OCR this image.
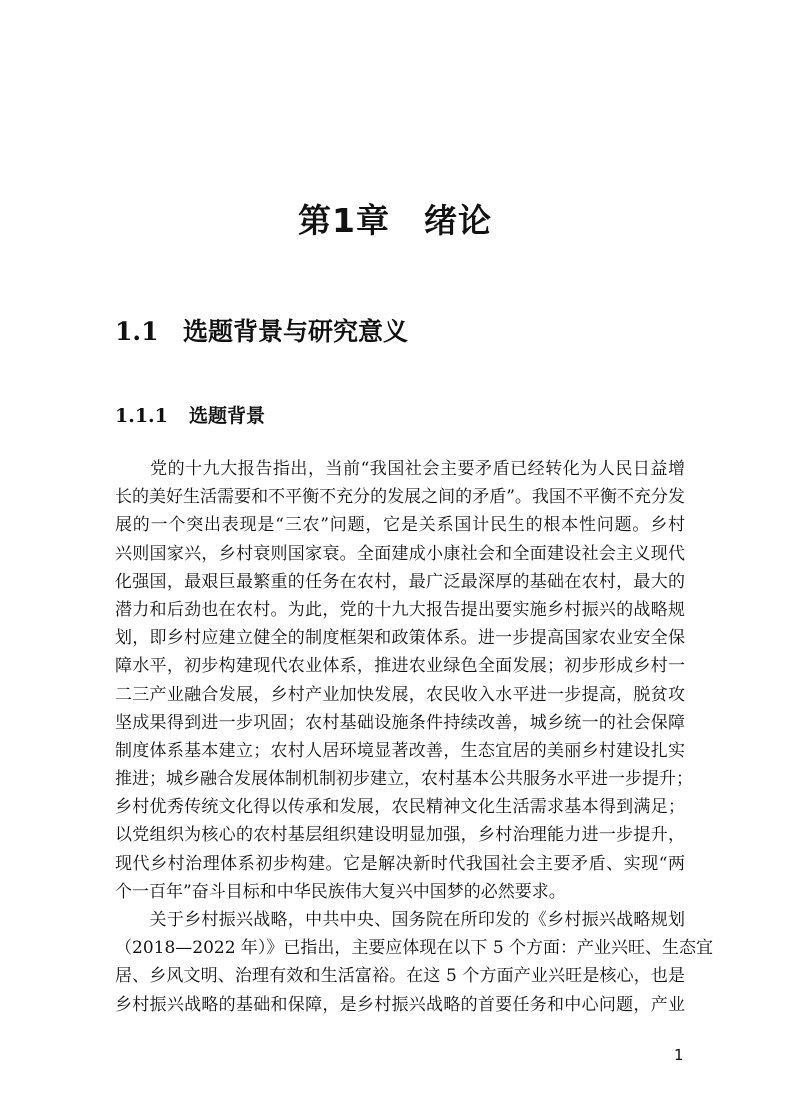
第1章　绪论
1.1 选题背景与研究意义
1.1.1 选题背景
　　党的十九大报告指出，当前“我国社会主要矛盾已经转化为人民日益增
长的美好生活需要和不平衡不充分的发展之间的矛盾”。我国不平衡不充分发
展的一个突出表现是“三农”问题，它是关系国计民生的根本性问题。乡村
兴则国家兴，乡村衰则国家衰。全面建成小康社会和全面建设社会主义现代
化强国，最艰巨最繁重的任务在农村，最广泛最深厚的基础在农村，最大的
潜力和后劲也在农村。为此，党的十九大报告提出要实施乡村振兴的战略规
划，即乡村应建立健全的制度框架和政策体系。进一步提高国家农业安全保
障水平，初步构建现代农业体系，推进农业绿色全面发展；初步形成乡村一
二三产业融合发展，乡村产业加快发展，农民收入水平进一步提高，脱贫攻
坚成果得到进一步巩固；农村基础设施条件持续改善，城乡统一的社会保障
制度体系基本建立；农村人居环境显著改善，生态宜居的美丽乡村建设扎实
推进；城乡融合发展体制机制初步建立，农村基本公共服务水平进一步提升；
乡村优秀传统文化得以传承和发展，农民精神文化生活需求基本得到满足；
以党组织为核心的农村基层组织建设明显加强，乡村治理能力进一步提升，
现代乡村治理体系初步构建。它是解决新时代我国社会主要矛盾、实现“两
个一百年”奋斗目标和中华民族伟大复兴中国梦的必然要求。
　　关于乡村振兴战略，中共中央、国务院在所印发的《乡村振兴战略规划
（2018—2022 年）》已指出，主要应体现在以下 5 个方面：产业兴旺、生态宜
居、乡风文明、治理有效和生活富裕。在这 5 个方面产业兴旺是核心，也是
乡村振兴战略的基础和保障，是乡村振兴战略的首要任务和中心问题，产业
1
